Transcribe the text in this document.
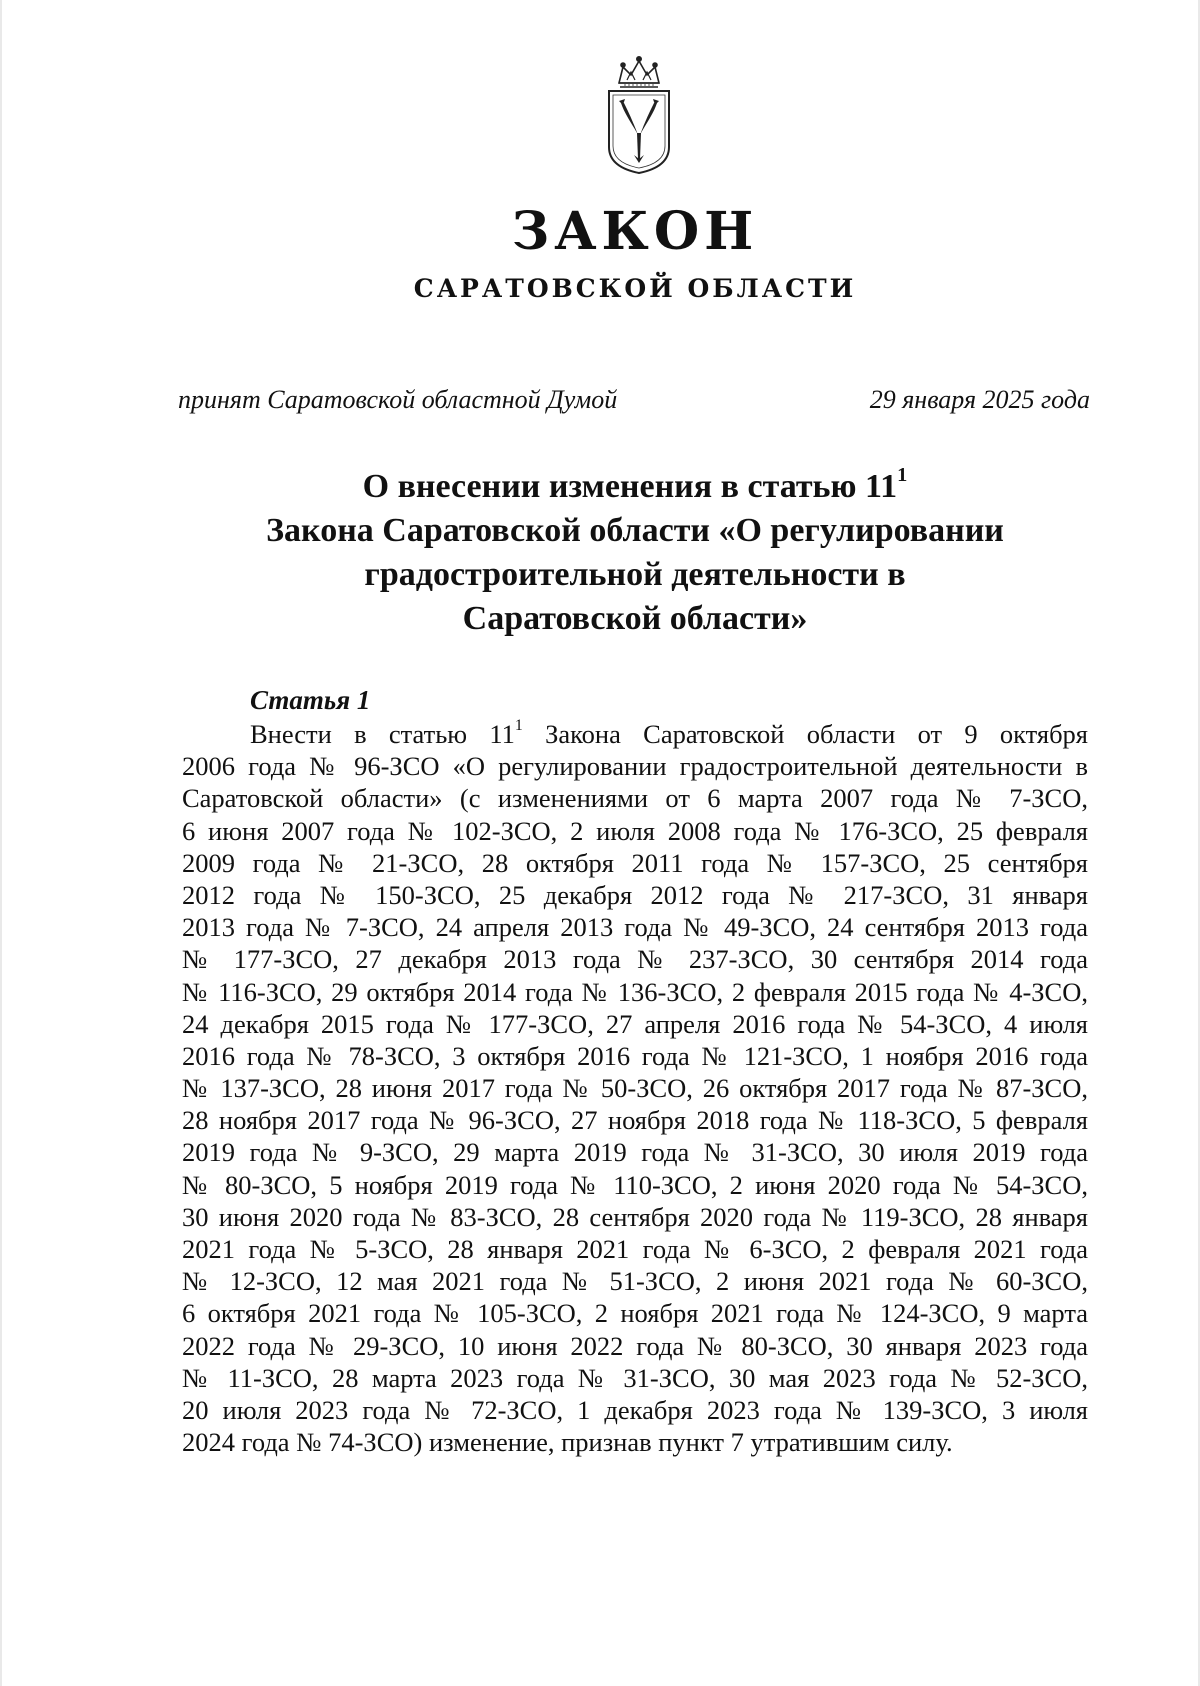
ЗАКОН
САРАТОВСКОЙ ОБЛАСТИ
принят Саратовской областной Думой	29 января 2025 года
О внесении изменения в статью $11^1$
Закона Саратовской области «О регулировании
градостроительной деятельности в
Саратовской области»
Статья 1
Внести в статью $11^1$ Закона Саратовской области от 9 октября
2006 года № 96-ЗСО «О регулировании градостроительной деятельности в
Саратовской области» (с изменениями от 6 марта 2007 года № 7-ЗСО,
6 июня 2007 года № 102-ЗСО, 2 июля 2008 года № 176-ЗСО, 25 февраля
2009 года № 21-ЗСО, 28 октября 2011 года № 157-ЗСО, 25 сентября
2012 года № 150-ЗСО, 25 декабря 2012 года № 217-ЗСО, 31 января
2013 года № 7-ЗСО, 24 апреля 2013 года № 49-ЗСО, 24 сентября 2013 года
№ 177-ЗСО, 27 декабря 2013 года № 237-ЗСО, 30 сентября 2014 года
№ 116-ЗСО, 29 октября 2014 года № 136-ЗСО, 2 февраля 2015 года № 4-ЗСО,
24 декабря 2015 года № 177-ЗСО, 27 апреля 2016 года № 54-ЗСО, 4 июля
2016 года № 78-ЗСО, 3 октября 2016 года № 121-ЗСО, 1 ноября 2016 года
№ 137-ЗСО, 28 июня 2017 года № 50-ЗСО, 26 октября 2017 года № 87-ЗСО,
28 ноября 2017 года № 96-ЗСО, 27 ноября 2018 года № 118-ЗСО, 5 февраля
2019 года № 9-ЗСО, 29 марта 2019 года № 31-ЗСО, 30 июля 2019 года
№ 80-ЗСО, 5 ноября 2019 года № 110-ЗСО, 2 июня 2020 года № 54-ЗСО,
30 июня 2020 года № 83-ЗСО, 28 сентября 2020 года № 119-ЗСО, 28 января
2021 года № 5-ЗСО, 28 января 2021 года № 6-ЗСО, 2 февраля 2021 года
№ 12-ЗСО, 12 мая 2021 года № 51-ЗСО, 2 июня 2021 года № 60-ЗСО,
6 октября 2021 года № 105-ЗСО, 2 ноября 2021 года № 124-ЗСО, 9 марта
2022 года № 29-ЗСО, 10 июня 2022 года № 80-ЗСО, 30 января 2023 года
№ 11-ЗСО, 28 марта 2023 года № 31-ЗСО, 30 мая 2023 года № 52-ЗСО,
20 июля 2023 года № 72-ЗСО, 1 декабря 2023 года № 139-ЗСО, 3 июля
2024 года № 74-ЗСО) изменение, признав пункт 7 утратившим силу.
